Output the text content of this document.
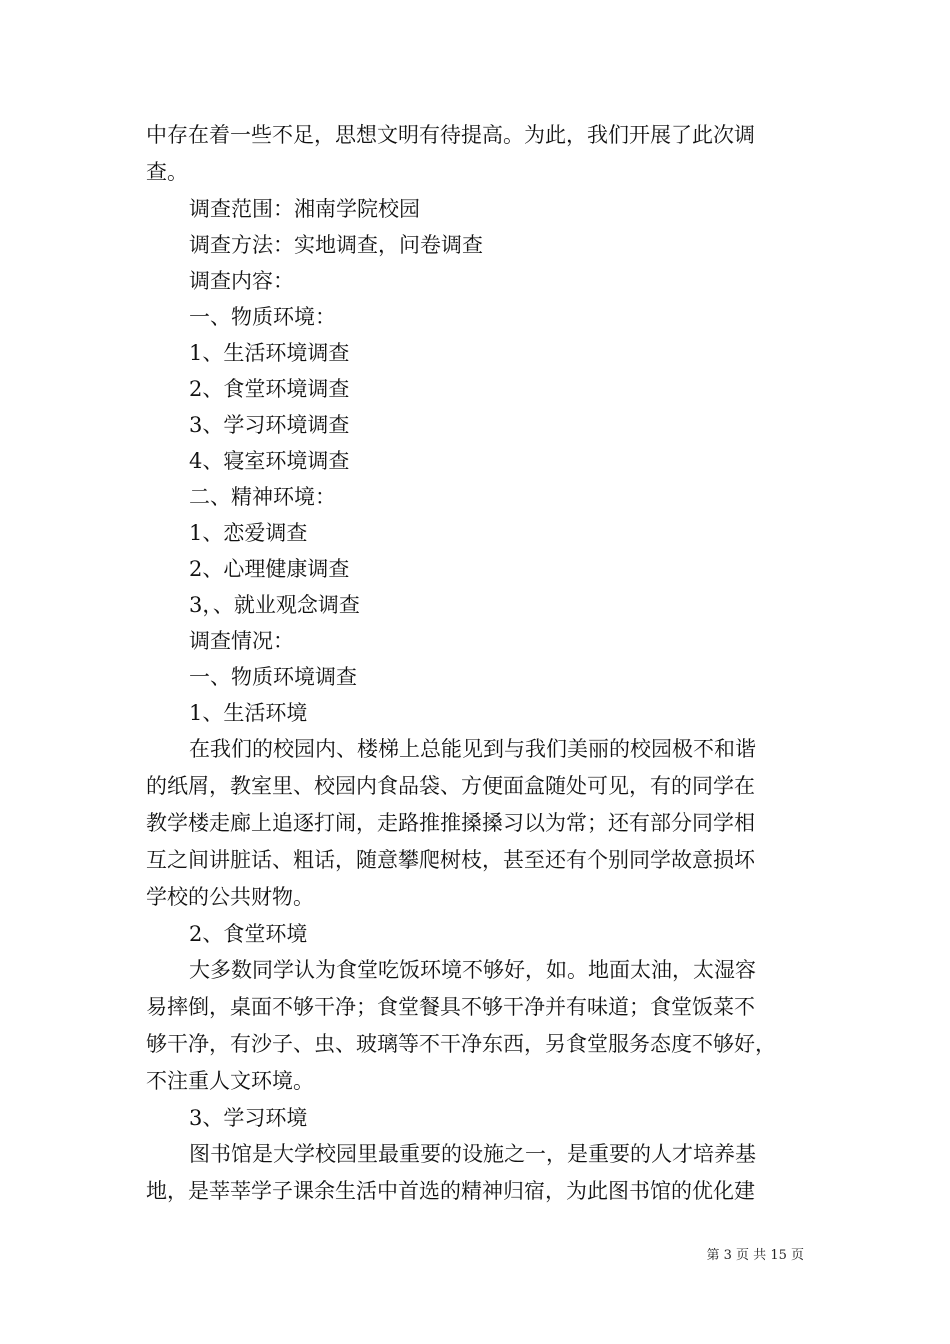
中存在着一些不足，思想文明有待提高。为此，我们开展了此次调
查。
调查范围：湘南学院校园
调查方法：实地调查，问卷调查
调查内容：
一、物质环境：
1、生活环境调查
2、食堂环境调查
3、学习环境调查
4、寝室环境调查
二、精神环境：
1、恋爱调查
2、心理健康调查
3，、就业观念调查
调查情况：
一、物质环境调查
1、生活环境
在我们的校园内、楼梯上总能见到与我们美丽的校园极不和谐
的纸屑，教室里、校园内食品袋、方便面盒随处可见，有的同学在
教学楼走廊上追逐打闹，走路推推搡搡习以为常；还有部分同学相
互之间讲脏话、粗话，随意攀爬树枝，甚至还有个别同学故意损坏
学校的公共财物。
2、食堂环境
大多数同学认为食堂吃饭环境不够好，如。地面太油，太湿容
易摔倒，桌面不够干净；食堂餐具不够干净并有味道；食堂饭菜不
够干净，有沙子、虫、玻璃等不干净东西，另食堂服务态度不够好，
不注重人文环境。
3、学习环境
图书馆是大学校园里最重要的设施之一，是重要的人才培养基
地，是莘莘学子课余生活中首选的精神归宿，为此图书馆的优化建
第 3 页 共 15 页
